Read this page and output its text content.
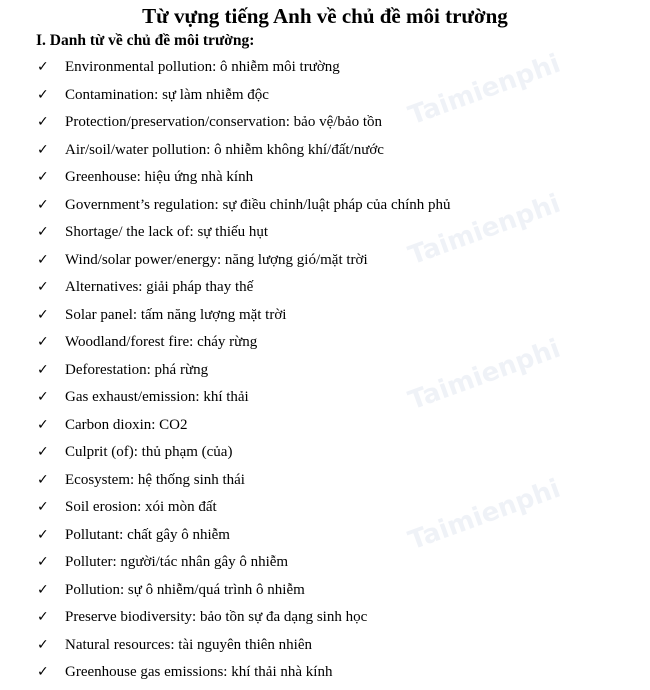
Taimienphi
Taimienphi
Taimienphi
Taimienphi
Từ vựng tiếng Anh về chủ đề môi trường
I. Danh từ về chủ đề môi trường:
✓ Environmental pollution: ô nhiễm môi trường
✓ Contamination: sự làm nhiễm độc
✓ Protection/preservation/conservation: bảo vệ/bảo tồn
✓ Air/soil/water pollution: ô nhiễm không khí/đất/nước
✓ Greenhouse: hiệu ứng nhà kính
✓ Government’s regulation: sự điều chỉnh/luật pháp của chính phủ
✓ Shortage/ the lack of: sự thiếu hụt
✓ Wind/solar power/energy: năng lượng gió/mặt trời
✓ Alternatives: giải pháp thay thế
✓ Solar panel: tấm năng lượng mặt trời
✓ Woodland/forest fire: cháy rừng
✓ Deforestation: phá rừng
✓ Gas exhaust/emission: khí thải
✓ Carbon dioxin: CO2
✓ Culprit (of): thủ phạm (của)
✓ Ecosystem: hệ thống sinh thái
✓ Soil erosion: xói mòn đất
✓ Pollutant: chất gây ô nhiễm
✓ Polluter: người/tác nhân gây ô nhiễm
✓ Pollution: sự ô nhiễm/quá trình ô nhiễm
✓ Preserve biodiversity: bảo tồn sự đa dạng sinh học
✓ Natural resources: tài nguyên thiên nhiên
✓ Greenhouse gas emissions: khí thải nhà kính
